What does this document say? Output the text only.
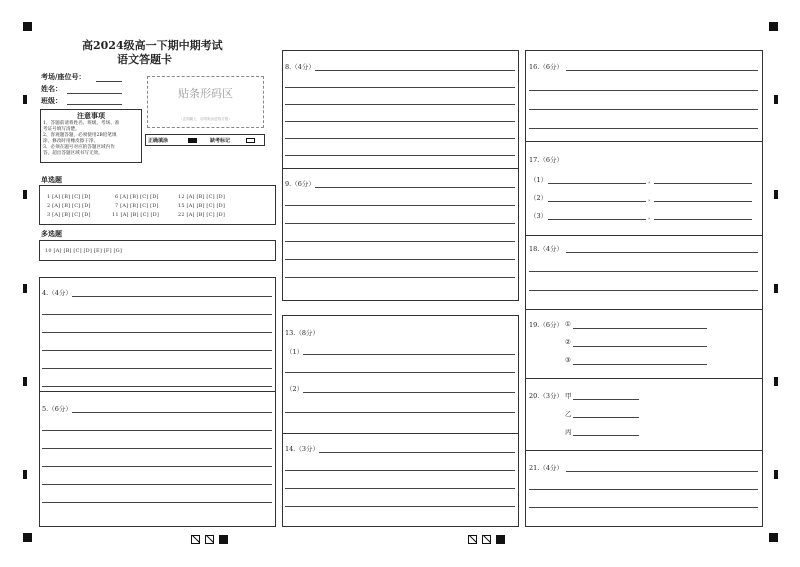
高2024级高一下期中期考试
语文答题卡
考场/座位号：
姓名：
班级：
贴条形码区
（正面朝上，切勿贴出虚线方框）
正确填涂	缺考标记
注意事项
1、答题前请将姓名、班级、考场、准
考证号填写清楚。
2、客观题答题，必须使用2B铅笔填
涂，修改时用橡皮擦干净。
3、必须在题号对应的答题区域内作
答，超出答题区域书写无效。
单选题
1 [A] [B] [C] [D]	6 [A] [B] [C] [D]	12 [A] [B] [C] [D]
2 [A] [B] [C] [D]	7 [A] [B] [C] [D]	15 [A] [B] [C] [D]
3 [A] [B] [C] [D]	11 [A] [B] [C] [D]	22 [A] [B] [C] [D]
多选题
10 [A] [B] [C] [D] [E] [F] [G]
4.（4分）
5.（6分）
8.（4分）
9.（6分）
13.（8分）
（1）
（2）
14.（3分）
16.（6分）
17.（6分）
（1）	，
（2）	，
（3）	，
18.（4分）
19.（6分） ①
②
③
20.（3分） 甲
乙
丙
21.（4分）
